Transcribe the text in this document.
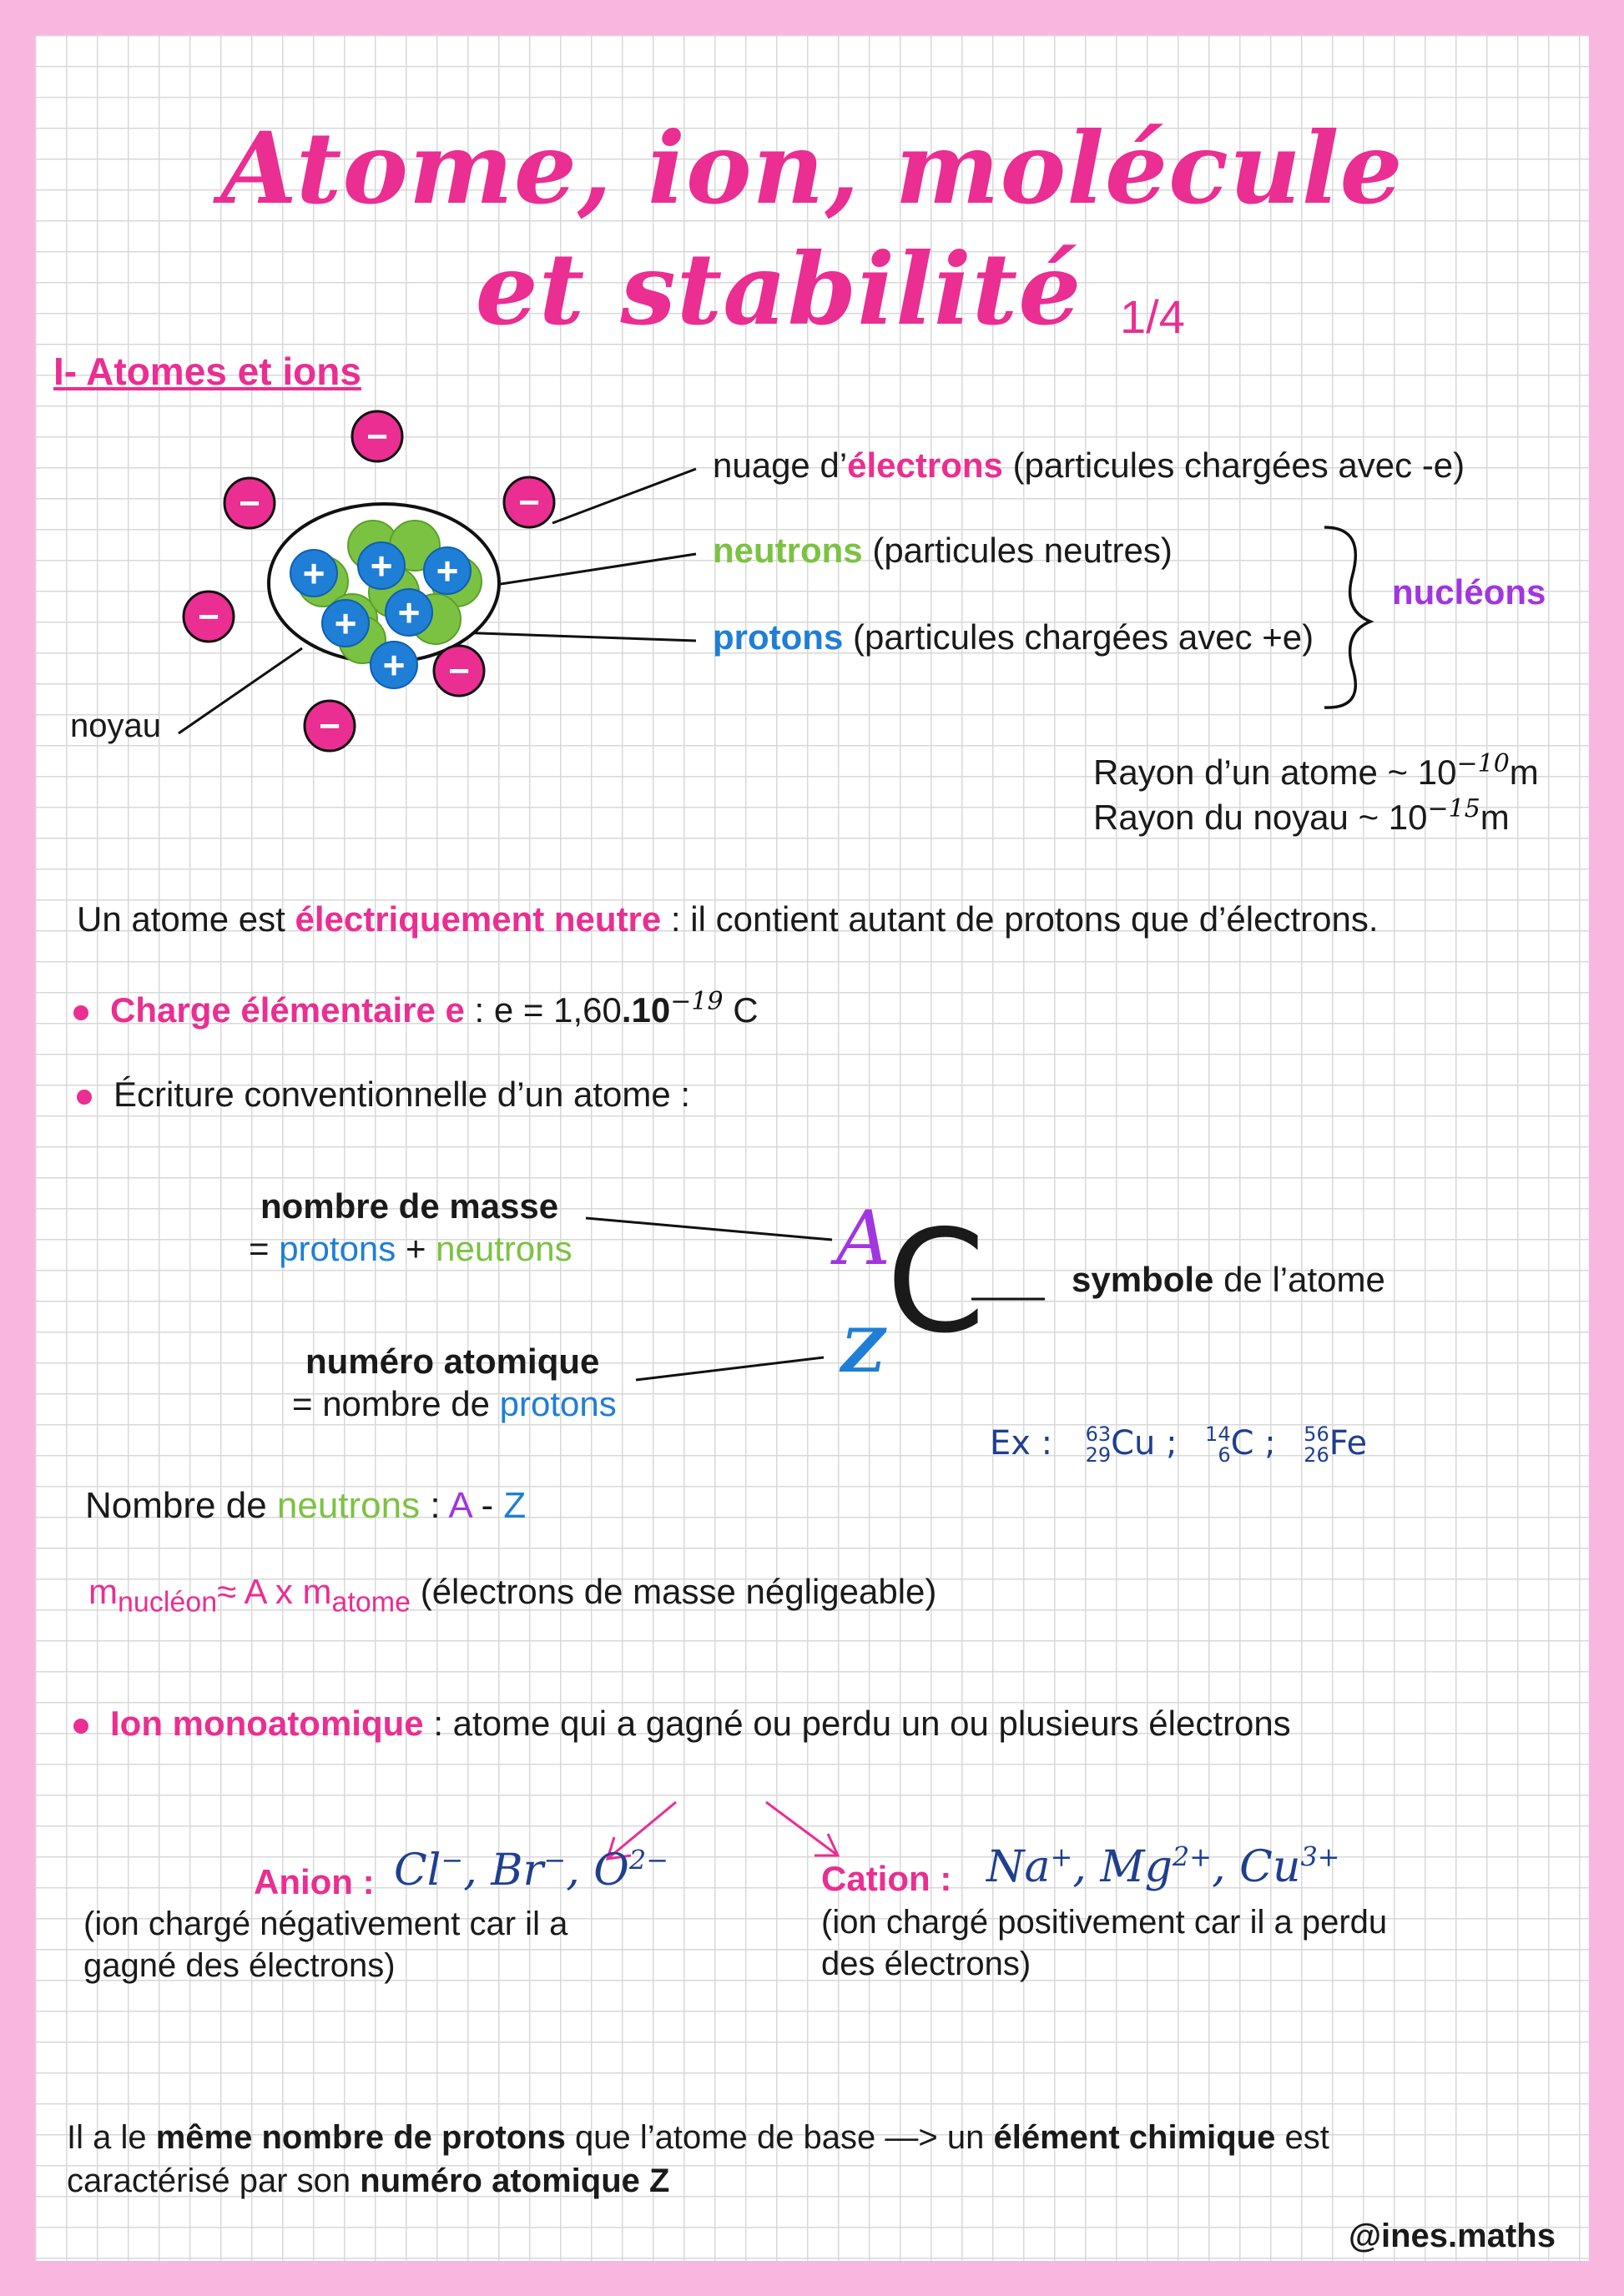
Atome, ion, molécule
et stabilité 1/4
I- Atomes et ions
+ + +
+ +
+
−
−	−
−
−
−
nuage d’électrons (particules chargées avec -e)
neutrons (particules neutres)
protons (particules chargées avec +e)
nucléons
noyau
Rayon d’un atome ~ $10^{-10}m$
Rayon du noyau ~ $10^{-15}m$
Un atome est électriquement neutre : il contient autant de protons que d’électrons.
Charge élémentaire e : $e = 1,60.10^{-19}$ C
Écriture conventionnelle d’un atome :
nombre de masse
= protons + neutrons
numéro atomique
= nombre de protons
A
Z C symbole de l’atome
Ex : 63
29 Cu ; 14
6 C ; 56
26 Fe
Nombre de neutrons : A - Z
$m_{nucléon}\approx A$ x $m_{atome}$ (électrons de masse négligeable)
Ion monoatomique : atome qui a gagné ou perdu un ou plusieurs électrons
Anion : Cl−, Br−, $O^{2-}$
(ion chargé négativement car il a
gagné des électrons)
Cation : Na+, $Mg^{2+}$, $Cu^{3+}$
(ion chargé positivement car il a perdu
des électrons)
Il a le même nombre de protons que l’atome de base —> un élément chimique est
caractérisé par son numéro atomique Z
@ines.maths
